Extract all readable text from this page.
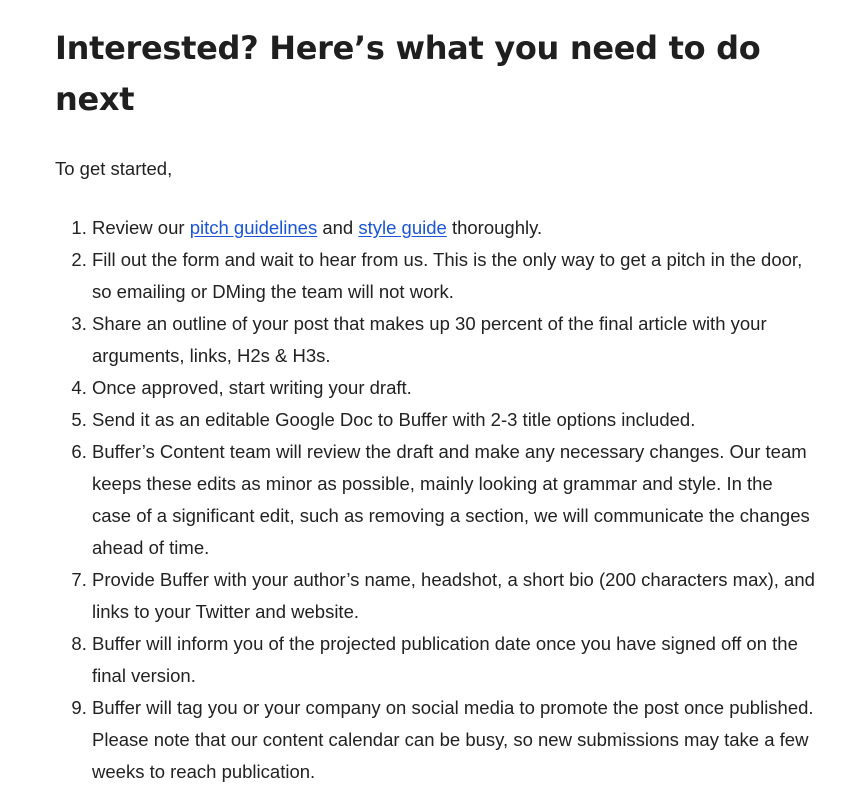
Interested? Here’s what you need to do next

To get started,

1. Review our pitch guidelines and style guide thoroughly.
2. Fill out the form and wait to hear from us. This is the only way to get a pitch in the door, so emailing or DMing the team will not work.
3. Share an outline of your post that makes up 30 percent of the final article with your arguments, links, H2s & H3s.
4. Once approved, start writing your draft.
5. Send it as an editable Google Doc to Buffer with 2-3 title options included.
6. Buffer’s Content team will review the draft and make any necessary changes. Our team keeps these edits as minor as possible, mainly looking at grammar and style. In the case of a significant edit, such as removing a section, we will communicate the changes ahead of time.
7. Provide Buffer with your author’s name, headshot, a short bio (200 characters max), and links to your Twitter and website.
8. Buffer will inform you of the projected publication date once you have signed off on the final version.
9. Buffer will tag you or your company on social media to promote the post once published. Please note that our content calendar can be busy, so new submissions may take a few weeks to reach publication.
